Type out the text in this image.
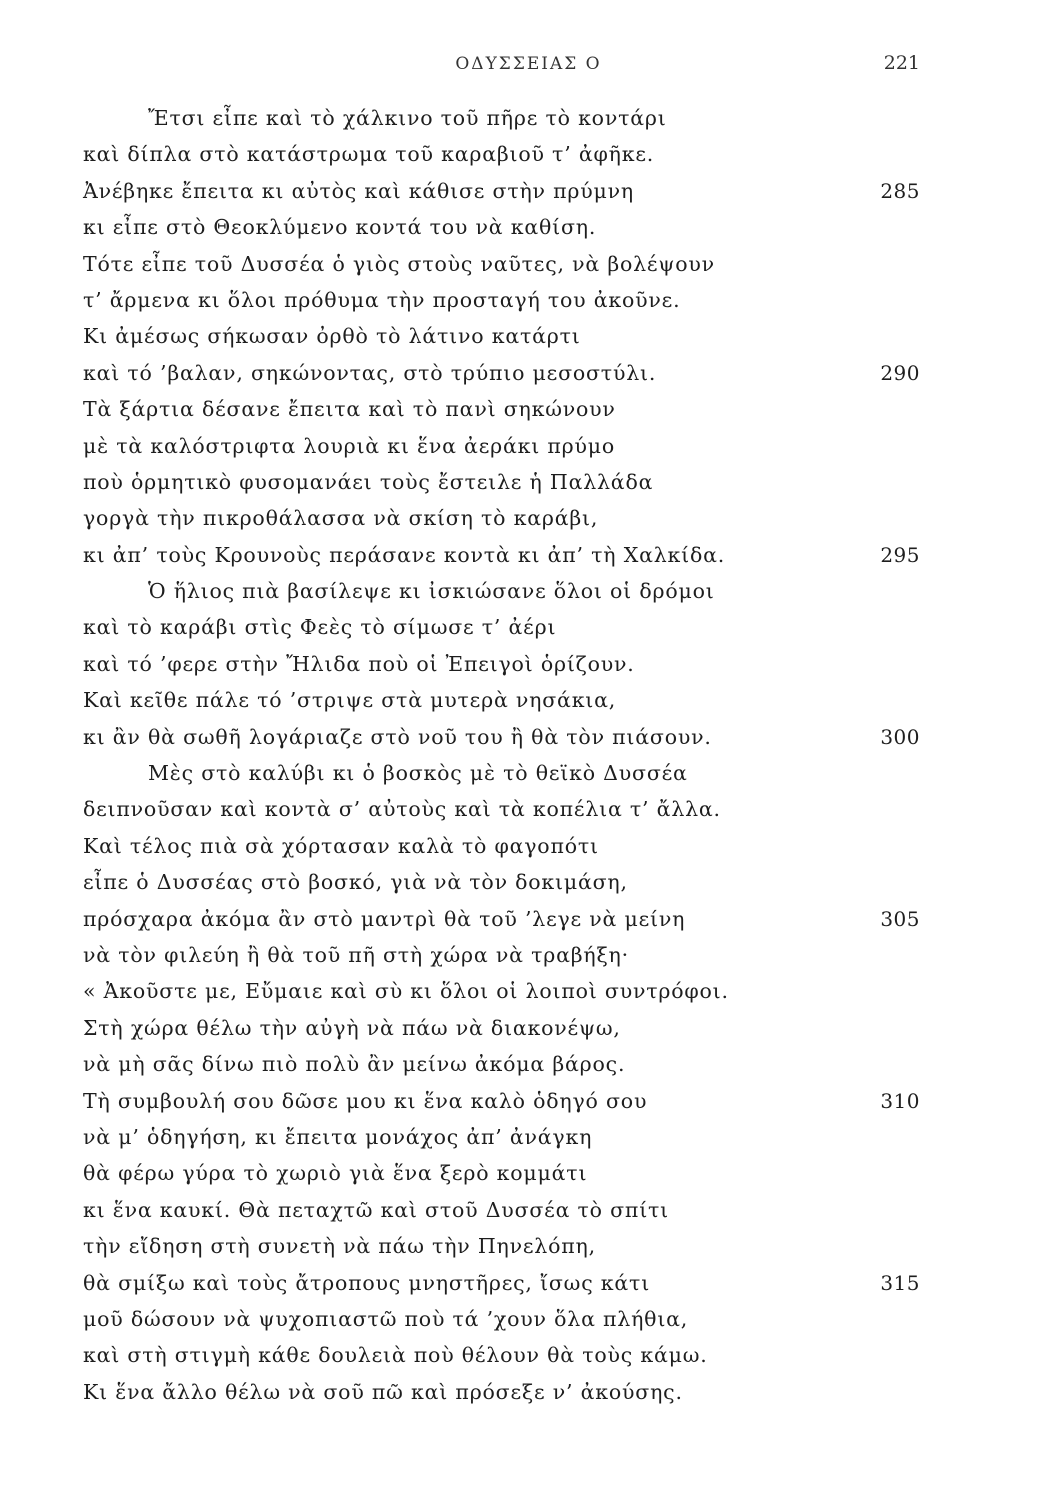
ΟΔΥΣΣΕΙΑΣ Ο	221
Ἔτσι εἶπε καὶ τὸ χάλκινο τοῦ πῆρε τὸ κοντάρι
καὶ δίπλα στὸ κατάστρωμα τοῦ καραβιοῦ τ’ ἀφῆκε.
Ἀνέβηκε ἔπειτα κι αὐτὸς καὶ κάθισε στὴν πρύμνη	285
κι εἶπε στὸ Θεοκλύμενο κοντά του νὰ καθίση.
Τότε εἶπε τοῦ Δυσσέα ὁ γιὸς στοὺς ναῦτες, νὰ βολέψουν
τ’ ἄρμενα κι ὅλοι πρόθυμα τὴν προσταγή του ἀκοῦνε.
Κι ἀμέσως σήκωσαν ὀρθὸ τὸ λάτινο κατάρτι
καὶ τό ’βαλαν, σηκώνοντας, στὸ τρύπιο μεσοστύλι.	290
Τὰ ξάρτια δέσανε ἔπειτα καὶ τὸ πανὶ σηκώνουν
μὲ τὰ καλόστριφτα λουριὰ κι ἕνα ἀεράκι πρύμο
ποὺ ὁρμητικὸ φυσομανάει τοὺς ἔστειλε ἡ Παλλάδα
γοργὰ τὴν πικροθάλασσα νὰ σκίση τὸ καράβι,
κι ἀπ’ τοὺς Κρουνοὺς περάσανε κοντὰ κι ἀπ’ τὴ Χαλκίδα.	295
Ὁ ἥλιος πιὰ βασίλεψε κι ἰσκιώσανε ὅλοι οἱ δρόμοι
καὶ τὸ καράβι στὶς Φεὲς τὸ σίμωσε τ’ ἀέρι
καὶ τό ’φερε στὴν Ἤλιδα ποὺ οἱ Ἐπειγοὶ ὁρίζουν.
Καὶ κεῖθε πάλε τό ’στριψε στὰ μυτερὰ νησάκια,
κι ἂν θὰ σωθῆ λογάριαζε στὸ νοῦ του ἢ θὰ τὸν πιάσουν.	300
Μὲς στὸ καλύβι κι ὁ βοσκὸς μὲ τὸ θεϊκὸ Δυσσέα
δειπνοῦσαν καὶ κοντὰ σ’ αὐτοὺς καὶ τὰ κοπέλια τ’ ἄλλα.
Καὶ τέλος πιὰ σὰ χόρτασαν καλὰ τὸ φαγοπότι
εἶπε ὁ Δυσσέας στὸ βοσκό, γιὰ νὰ τὸν δοκιμάση,
πρόσχαρα ἀκόμα ἂν στὸ μαντρὶ θὰ τοῦ ’λεγε νὰ μείνη	305
νὰ τὸν φιλεύη ἢ θὰ τοῦ πῆ στὴ χώρα νὰ τραβήξη·
« Ἀκοῦστε με, Εὔμαιε καὶ σὺ κι ὅλοι οἱ λοιποὶ συντρόφοι.
Στὴ χώρα θέλω τὴν αὐγὴ νὰ πάω νὰ διακονέψω,
νὰ μὴ σᾶς δίνω πιὸ πολὺ ἂν μείνω ἀκόμα βάρος.
Τὴ συμβουλή σου δῶσε μου κι ἕνα καλὸ ὁδηγό σου	310
νὰ μ’ ὁδηγήση, κι ἔπειτα μονάχος ἀπ’ ἀνάγκη
θὰ φέρω γύρα τὸ χωριὸ γιὰ ἕνα ξερὸ κομμάτι
κι ἕνα καυκί. Θὰ πεταχτῶ καὶ στοῦ Δυσσέα τὸ σπίτι
τὴν εἴδηση στὴ συνετὴ νὰ πάω τὴν Πηνελόπη,
θὰ σμίξω καὶ τοὺς ἄτροπους μνηστῆρες, ἴσως κάτι	315
μοῦ δώσουν νὰ ψυχοπιαστῶ ποὺ τά ’χουν ὅλα πλήθια,
καὶ στὴ στιγμὴ κάθε δουλειὰ ποὺ θέλουν θὰ τοὺς κάμω.
Κι ἕνα ἄλλο θέλω νὰ σοῦ πῶ καὶ πρόσεξε ν’ ἀκούσης.
